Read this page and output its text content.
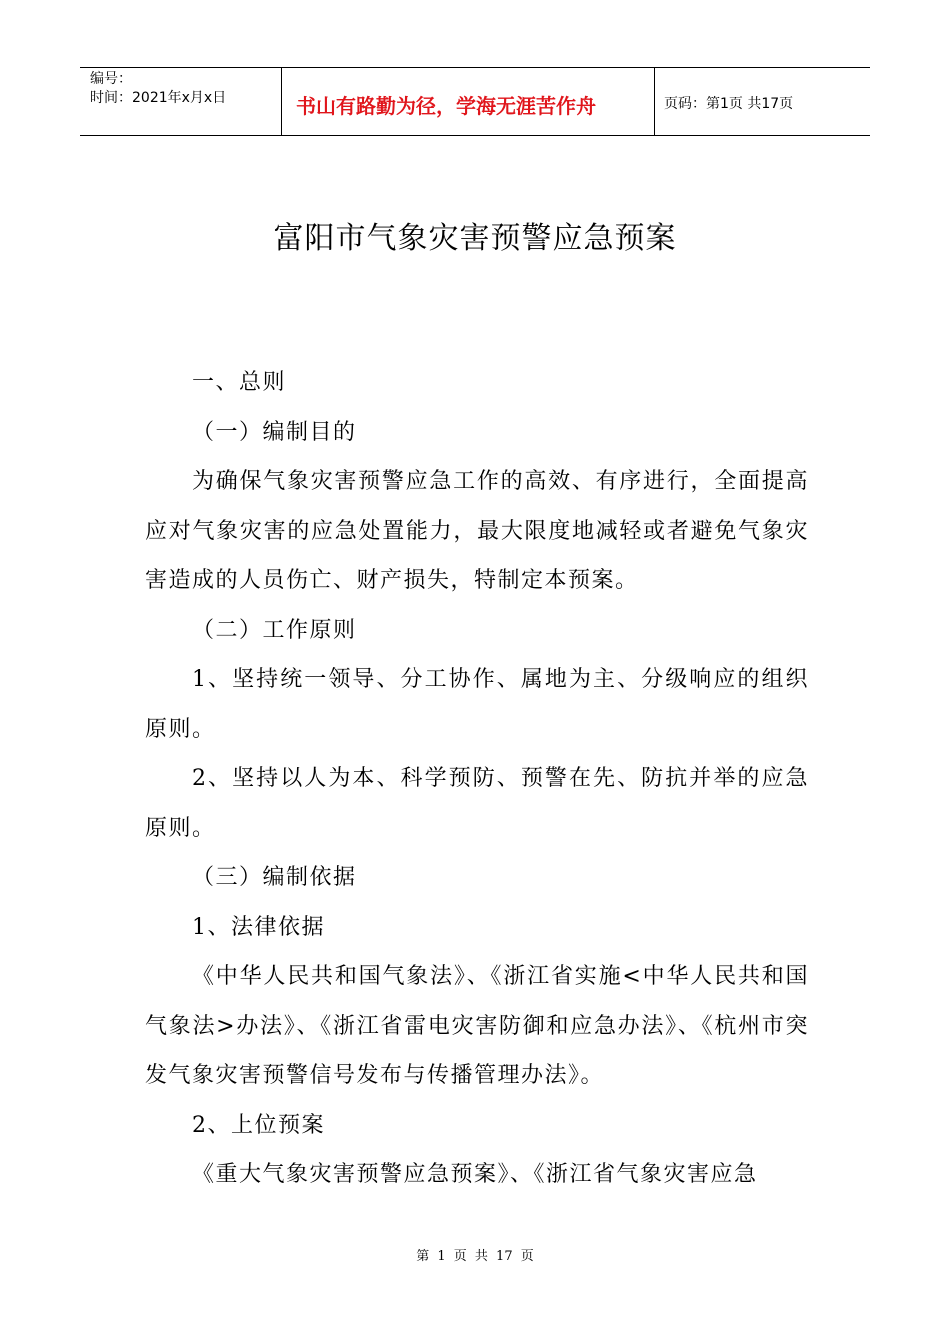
编号：
时间：2021年x月x日	书山有路勤为径，学海无涯苦作舟	页码：第1页 共17页
富阳市气象灾害预警应急预案

一、总则

（一）编制目的

为确保气象灾害预警应急工作的高效、有序进行，全面提高应对气象灾害的应急处置能力，最大限度地减轻或者避免气象灾害造成的人员伤亡、财产损失，特制定本预案。

（二）工作原则

1、坚持统一领导、分工协作、属地为主、分级响应的组织原则。

2、坚持以人为本、科学预防、预警在先、防抗并举的应急原则。

（三）编制依据

1、法律依据

《中华人民共和国气象法》、《浙江省实施<中华人民共和国气象法>办法》、《浙江省雷电灾害防御和应急办法》、《杭州市突发气象灾害预警信号发布与传播管理办法》。

2、上位预案

《重大气象灾害预警应急预案》、《浙江省气象灾害应急

第 1 页 共 17 页
